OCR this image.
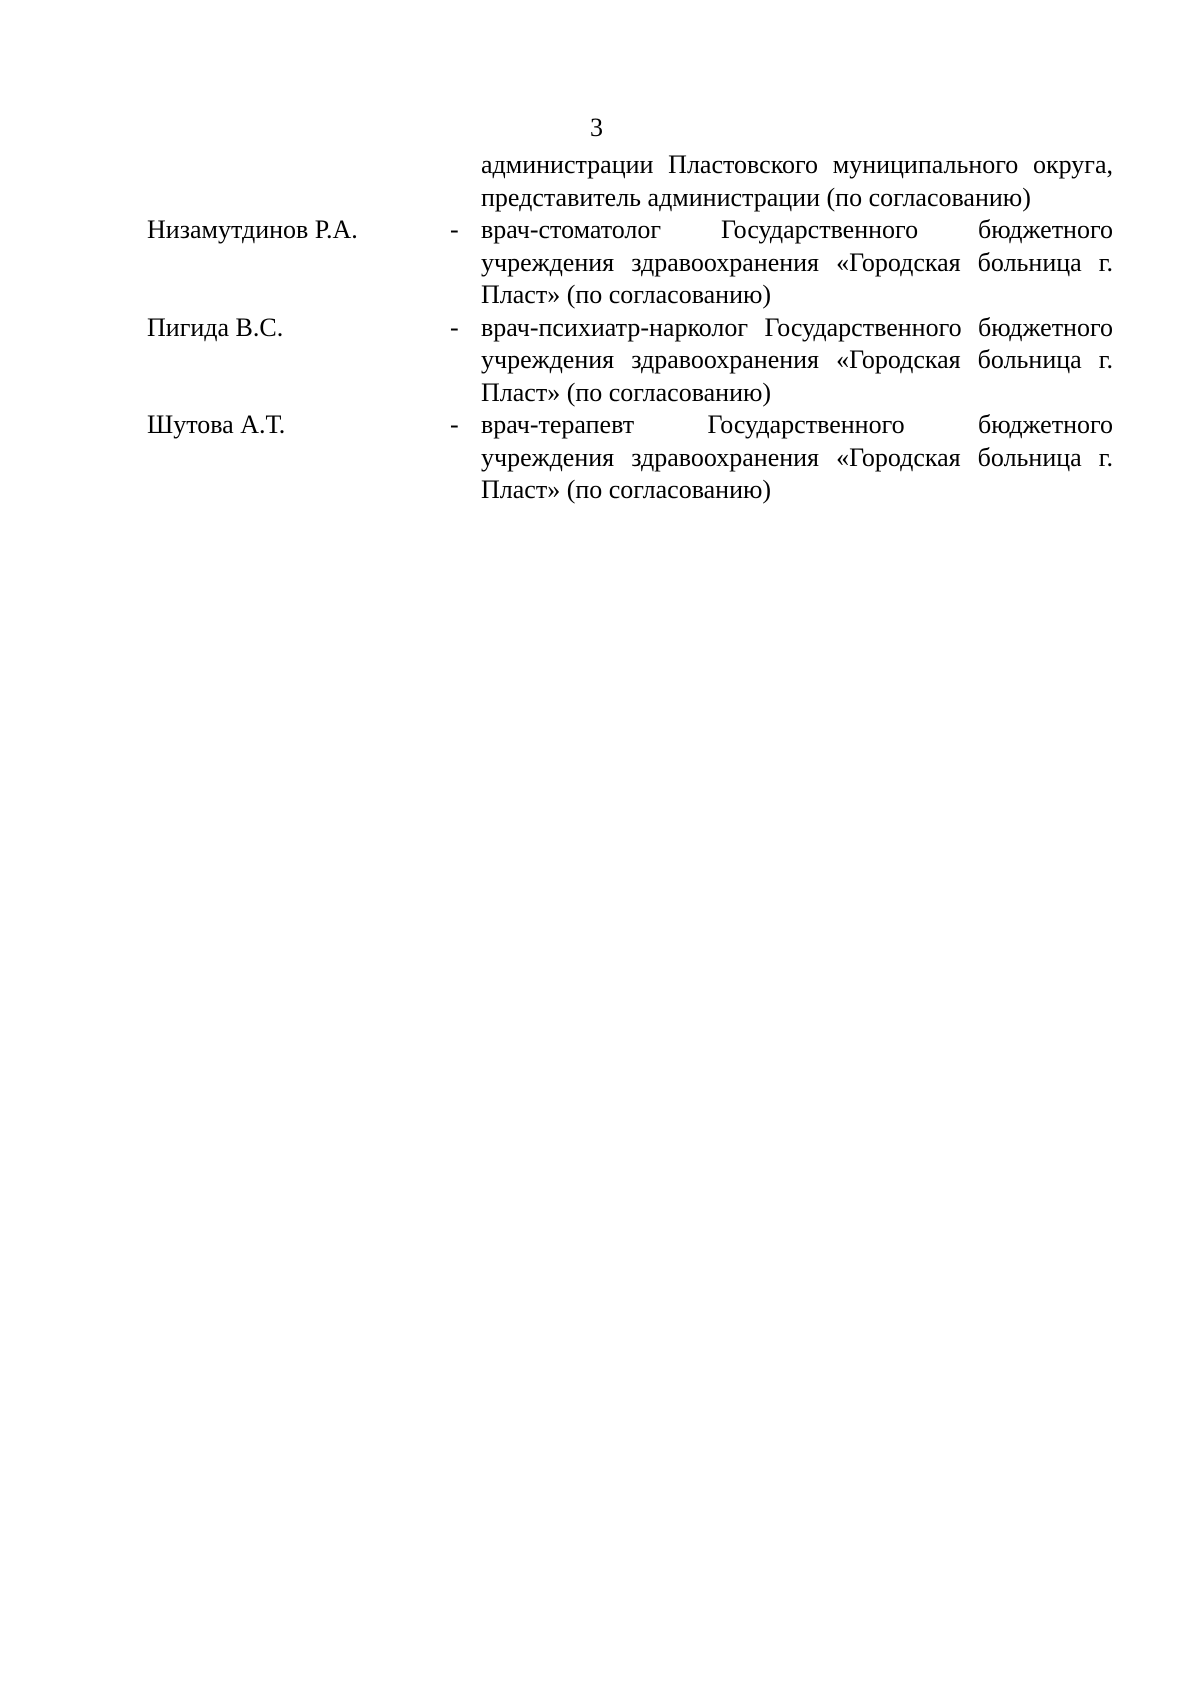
3
администрации Пластовского муниципального округа, представитель администрации (по согласованию)
Низамутдинов Р.А.	- врач-стоматолог Государственного бюджетного учреждения здравоохранения «Городская больница г. Пласт» (по согласованию)
Пигида В.С.	- врач-психиатр-нарколог Государственного бюджетного учреждения здравоохранения «Городская больница г. Пласт» (по согласованию)
Шутова А.Т.	- врач-терапевт Государственного бюджетного учреждения здравоохранения «Городская больница г. Пласт» (по согласованию)
